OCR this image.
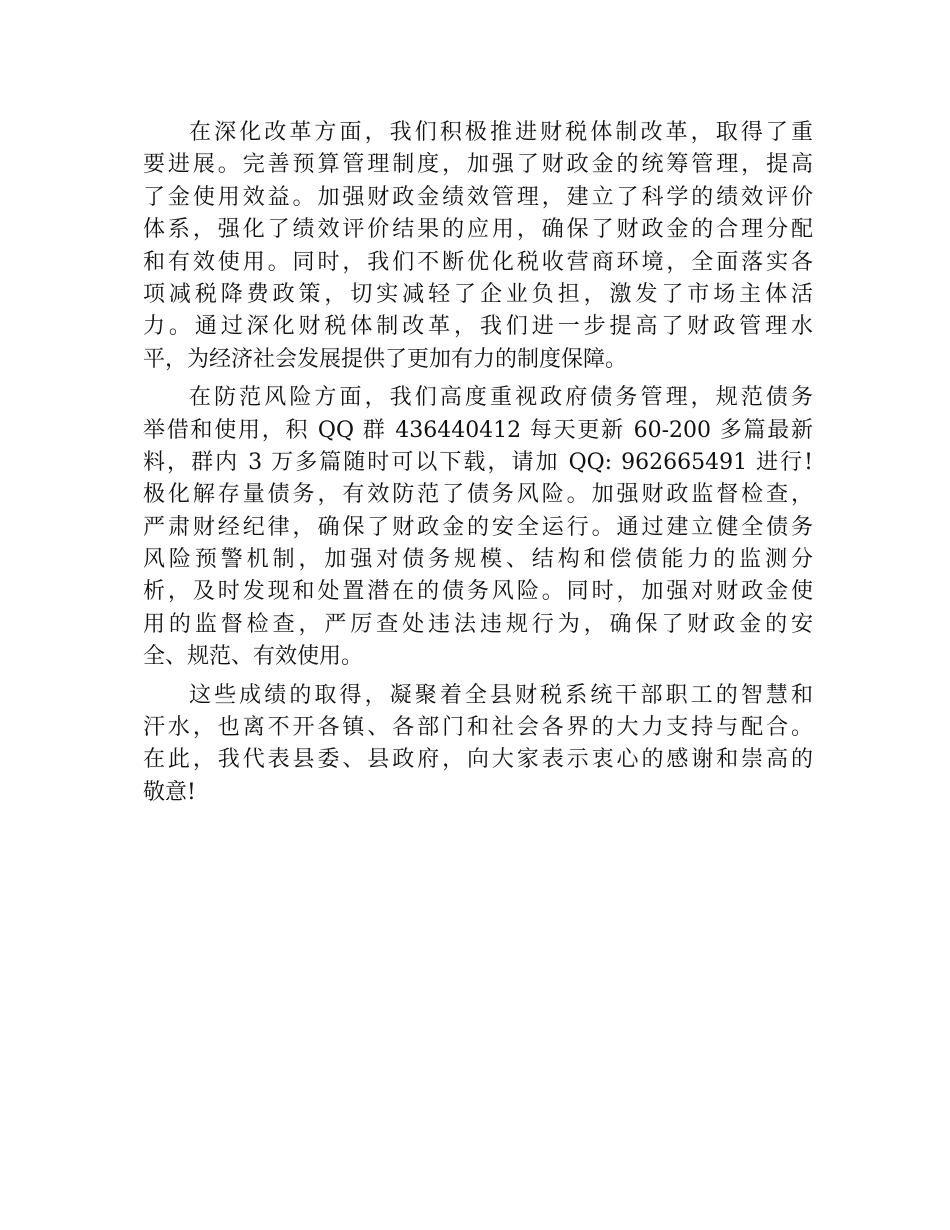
在深化改革方面，我们积极推进财税体制改革，取得了重
要进展。完善预算管理制度，加强了财政金的统筹管理，提高
了金使用效益。加强财政金绩效管理，建立了科学的绩效评价
体系，强化了绩效评价结果的应用，确保了财政金的合理分配
和有效使用。同时，我们不断优化税收营商环境，全面落实各
项减税降费政策，切实减轻了企业负担，激发了市场主体活
力。通过深化财税体制改革，我们进一步提高了财政管理水
平，为经济社会发展提供了更加有力的制度保障。
在防范风险方面，我们高度重视政府债务管理，规范债务
举借和使用，积 QQ 群 436440412 每天更新 60-200 多篇最新
料，群内 3 万多篇随时可以下载，请加 QQ: 962665491 进行!
极化解存量债务，有效防范了债务风险。加强财政监督检查，
严肃财经纪律，确保了财政金的安全运行。通过建立健全债务
风险预警机制，加强对债务规模、结构和偿债能力的监测分
析，及时发现和处置潜在的债务风险。同时，加强对财政金使
用的监督检查，严厉查处违法违规行为，确保了财政金的安
全、规范、有效使用。
这些成绩的取得，凝聚着全县财税系统干部职工的智慧和
汗水，也离不开各镇、各部门和社会各界的大力支持与配合。
在此，我代表县委、县政府，向大家表示衷心的感谢和崇高的
敬意!
